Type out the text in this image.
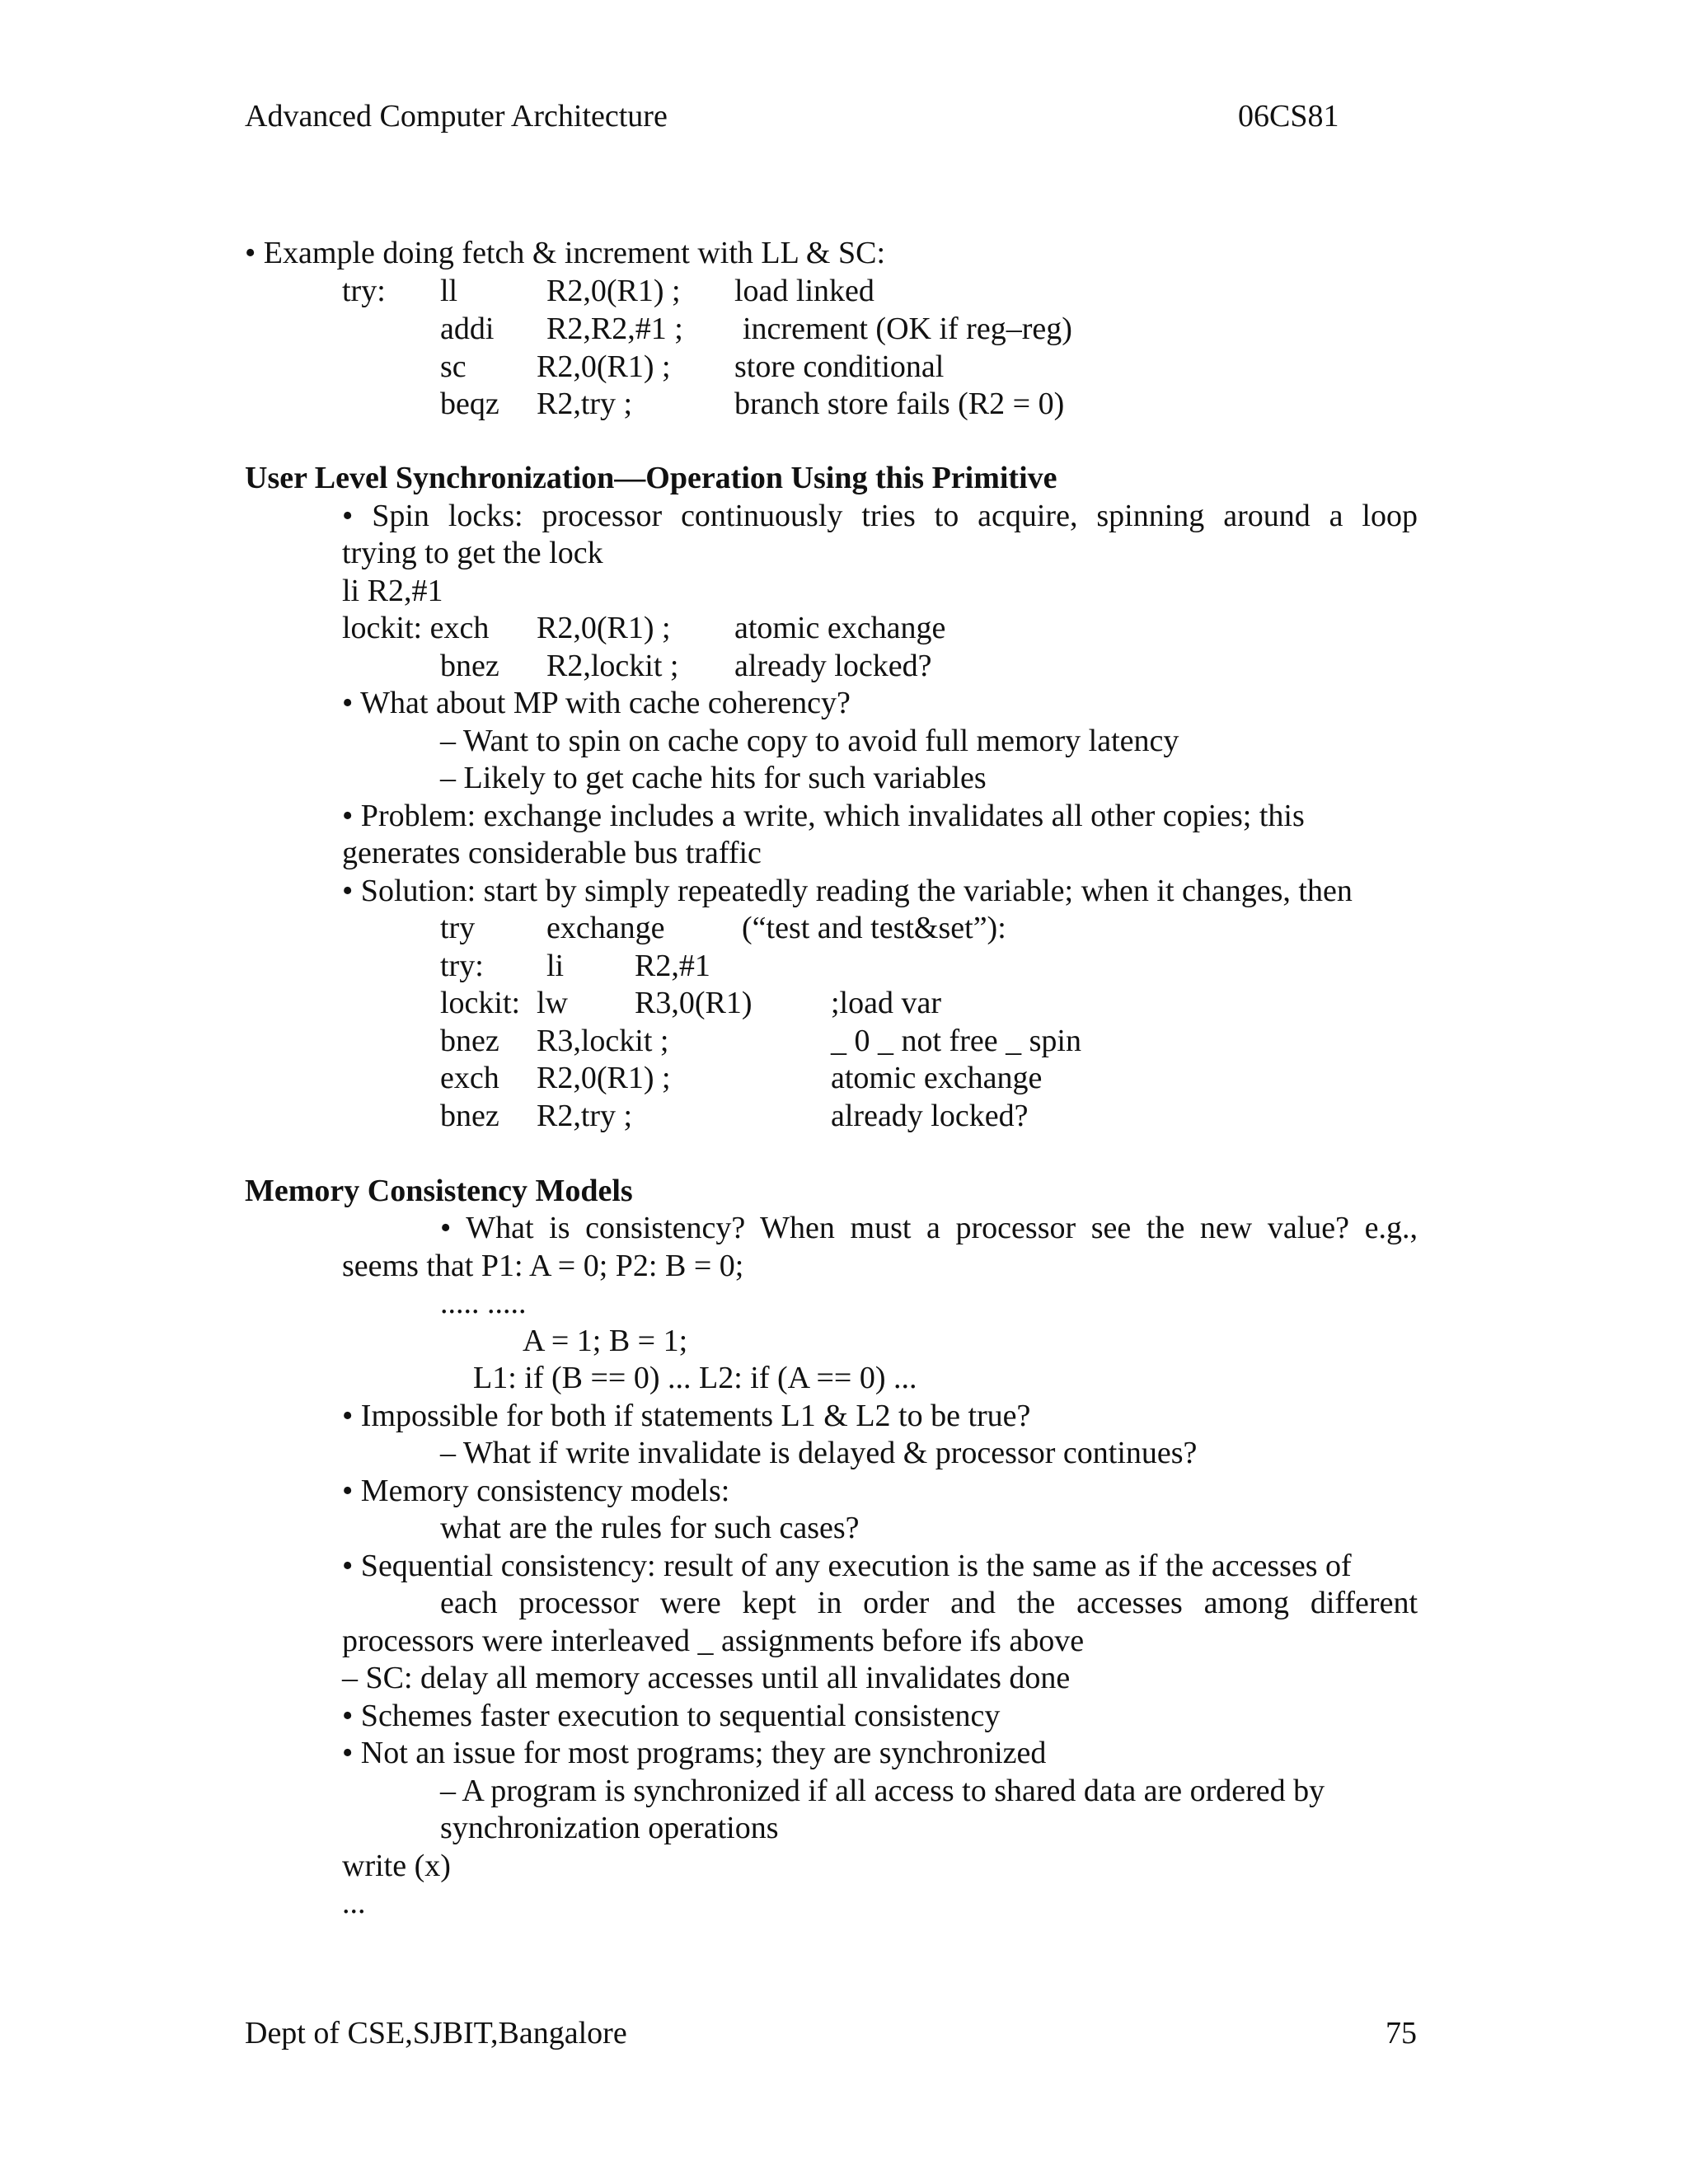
Advanced Computer Architecture	06CS81
• Example doing fetch & increment with LL & SC:
try: ll	R2,0(R1) ; load linked
addi R2,R2,#1 ; increment (OK if reg–reg)
sc R2,0(R1) ; store conditional
beqz R2,try ;	branch store fails (R2 = 0)
User Level Synchronization—Operation Using this Primitive
• Spin locks: processor continuously tries to acquire, spinning around a loop
trying to get the lock
li R2,#1
lockit: exch R2,0(R1) ; atomic exchange
bnez R2,lockit ; already locked?
• What about MP with cache coherency?
– Want to spin on cache copy to avoid full memory latency
– Likely to get cache hits for such variables
• Problem: exchange includes a write, which invalidates all other copies; this
generates considerable bus traffic
• Solution: start by simply repeatedly reading the variable; when it changes, then
try exchange (“test and test&set”):
try: li R2,#1
lockit: lw R3,0(R1)	;load var
bnez R3,lockit ;	_ 0 _ not free _ spin
exch R2,0(R1) ;	atomic exchange
bnez R2,try ;	already locked?
Memory Consistency Models
• What is consistency? When must a processor see the new value? e.g.,
seems that P1: A = 0; P2: B = 0;
..... .....
A = 1; B = 1;
L1: if (B == 0) ... L2: if (A == 0) ...
• Impossible for both if statements L1 & L2 to be true?
– What if write invalidate is delayed & processor continues?
• Memory consistency models:
what are the rules for such cases?
• Sequential consistency: result of any execution is the same as if the accesses of
each processor were kept in order and the accesses among different
processors were interleaved _ assignments before ifs above
– SC: delay all memory accesses until all invalidates done
• Schemes faster execution to sequential consistency
• Not an issue for most programs; they are synchronized
– A program is synchronized if all access to shared data are ordered by
synchronization operations
write (x)
...
Dept of CSE,SJBIT,Bangalore	75
